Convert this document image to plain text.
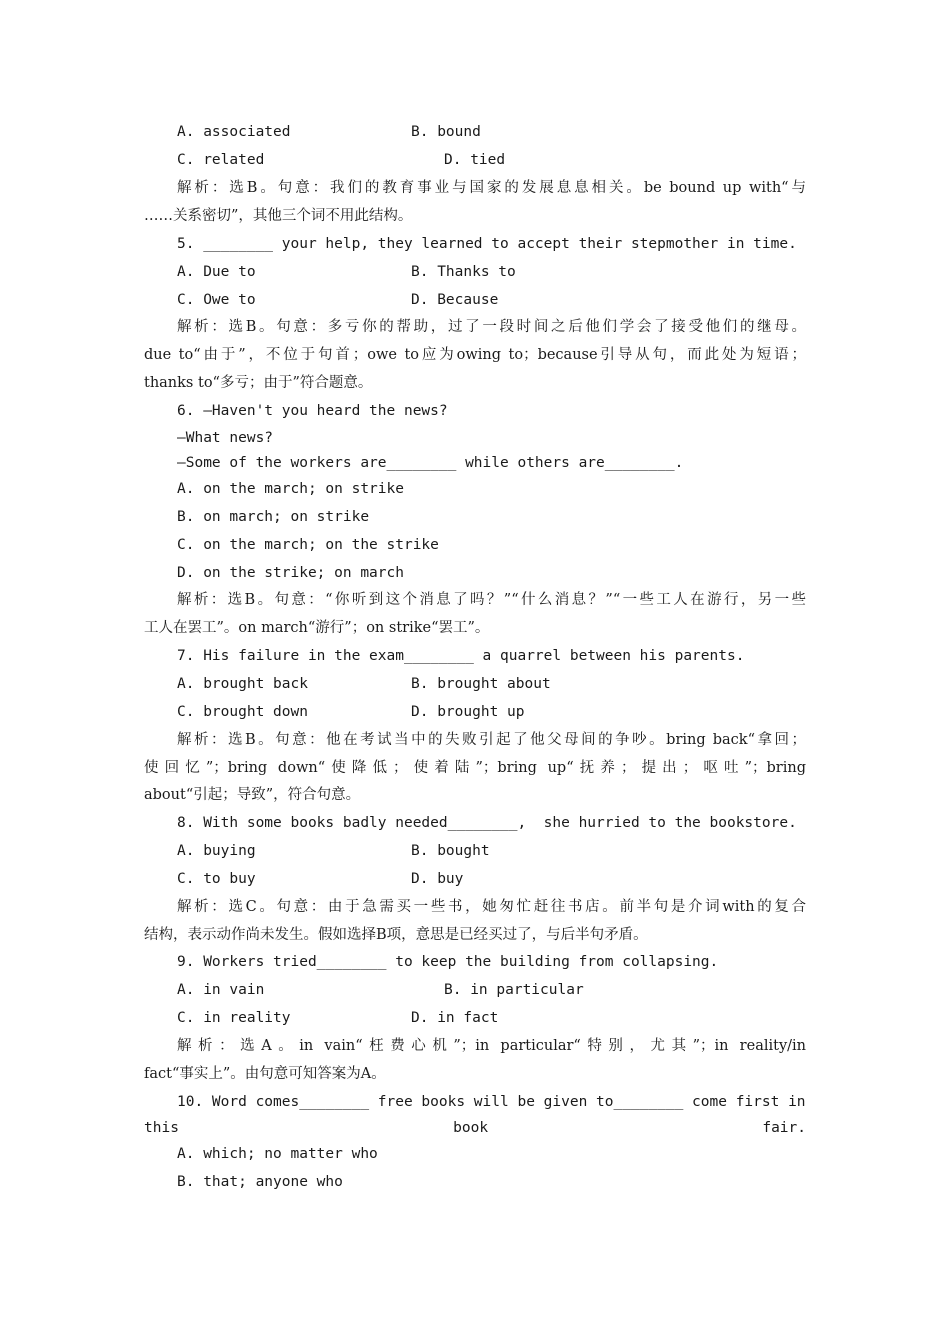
A. associated	B. bound
C. related	D. tied
解析：选B。句意：我们的教育事业与国家的发展息息相关。be bound up with“与
……关系密切”，其他三个词不用此结构。
5. ________ your help, they learned to accept their stepmother in time.
A. Due to	B. Thanks to
C. Owe to	D. Because
解析：选B。句意：多亏你的帮助，过了一段时间之后他们学会了接受他们的继母。
due to“由于”，不位于句首；owe to应为owing to；because引导从句，而此处为短语；
thanks to“多亏；由于”符合题意。
6. —Haven't you heard the news?
—What news?
—Some of the workers are________ while others are________.
A. on the march; on strike
B. on march; on strike
C. on the march; on the strike
D. on the strike; on march
解析：选B。句意：“你听到这个消息了吗？”“什么消息？”“一些工人在游行，另一些
工人在罢工”。on march“游行”；on strike“罢工”。
7. His failure in the exam________ a quarrel between his parents.
A. brought back	B. brought about
C. brought down	D. brought up
解析：选B。句意：他在考试当中的失败引起了他父母间的争吵。bring back“拿回；
使回忆”；bring down“使降低；使着陆”；bring up“抚养；提出；呕吐”；bring
about“引起；导致”，符合句意。
8. With some books badly needed________,  she hurried to the bookstore.
A. buying	B. bought
C. to buy	D. buy
解析：选C。句意：由于急需买一些书，她匆忙赶往书店。前半句是介词with的复合
结构，表示动作尚未发生。假如选择B项，意思是已经买过了，与后半句矛盾。
9. Workers tried________ to keep the building from collapsing.
A. in vain	B. in particular
C. in reality	D. in fact
解析：选A。in vain“枉费心机”；in particular“特别，尤其”；in reality/in
fact“事实上”。由句意可知答案为A。
10. Word comes________ free books will be given to________ come first in
this book fair.
A. which; no matter who
B. that; anyone who
